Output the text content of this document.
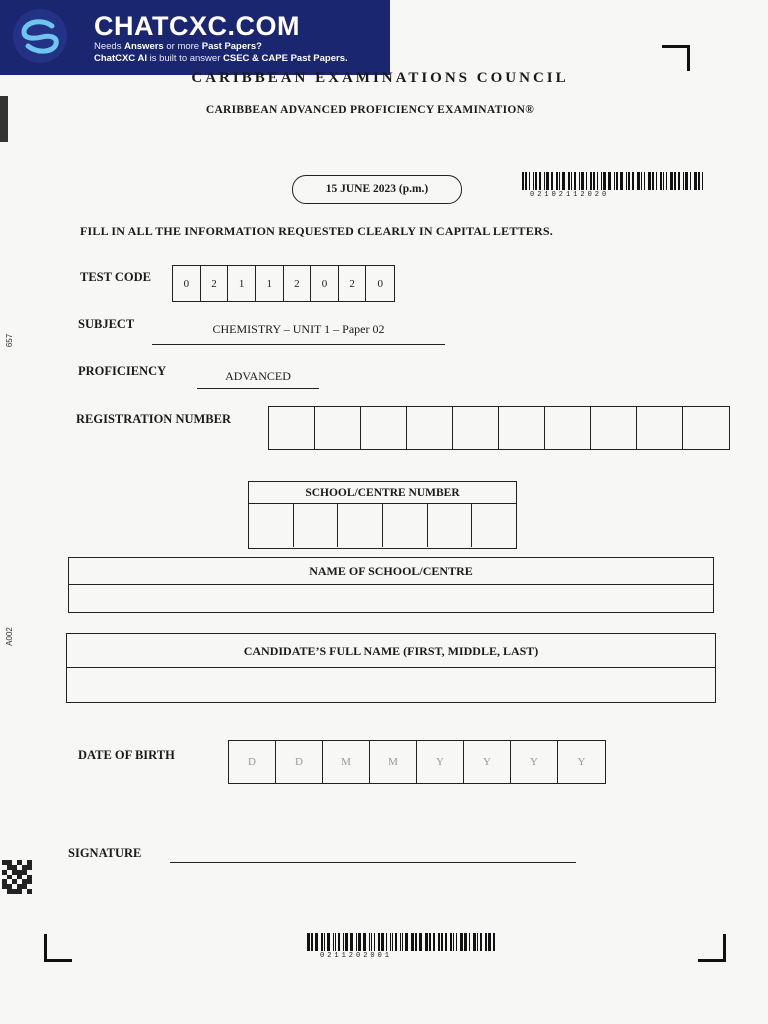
CHATCXC.COM
Needs Answers or more Past Papers?
ChatCXC AI is built to answer CSEC & CAPE Past Papers.
657
A002
CARIBBEAN EXAMINATIONS COUNCIL
CARIBBEAN ADVANCED PROFICIENCY EXAMINATION®
15 JUNE 2023 (p.m.)	02102112020
FILL IN ALL THE INFORMATION REQUESTED CLEARLY IN CAPITAL LETTERS.
TEST CODE	0	2	1	1	2	0	2	0
SUBJECT	CHEMISTRY – UNIT 1 – Paper 02
PROFICIENCY	ADVANCED
REGISTRATION NUMBER
SCHOOL/CENTRE NUMBER
NAME OF SCHOOL/CENTRE
CANDIDATE’S FULL NAME (FIRST, MIDDLE, LAST)
DATE OF BIRTH	D	D	M	M	Y	Y	Y	Y
SIGNATURE
0211202001
